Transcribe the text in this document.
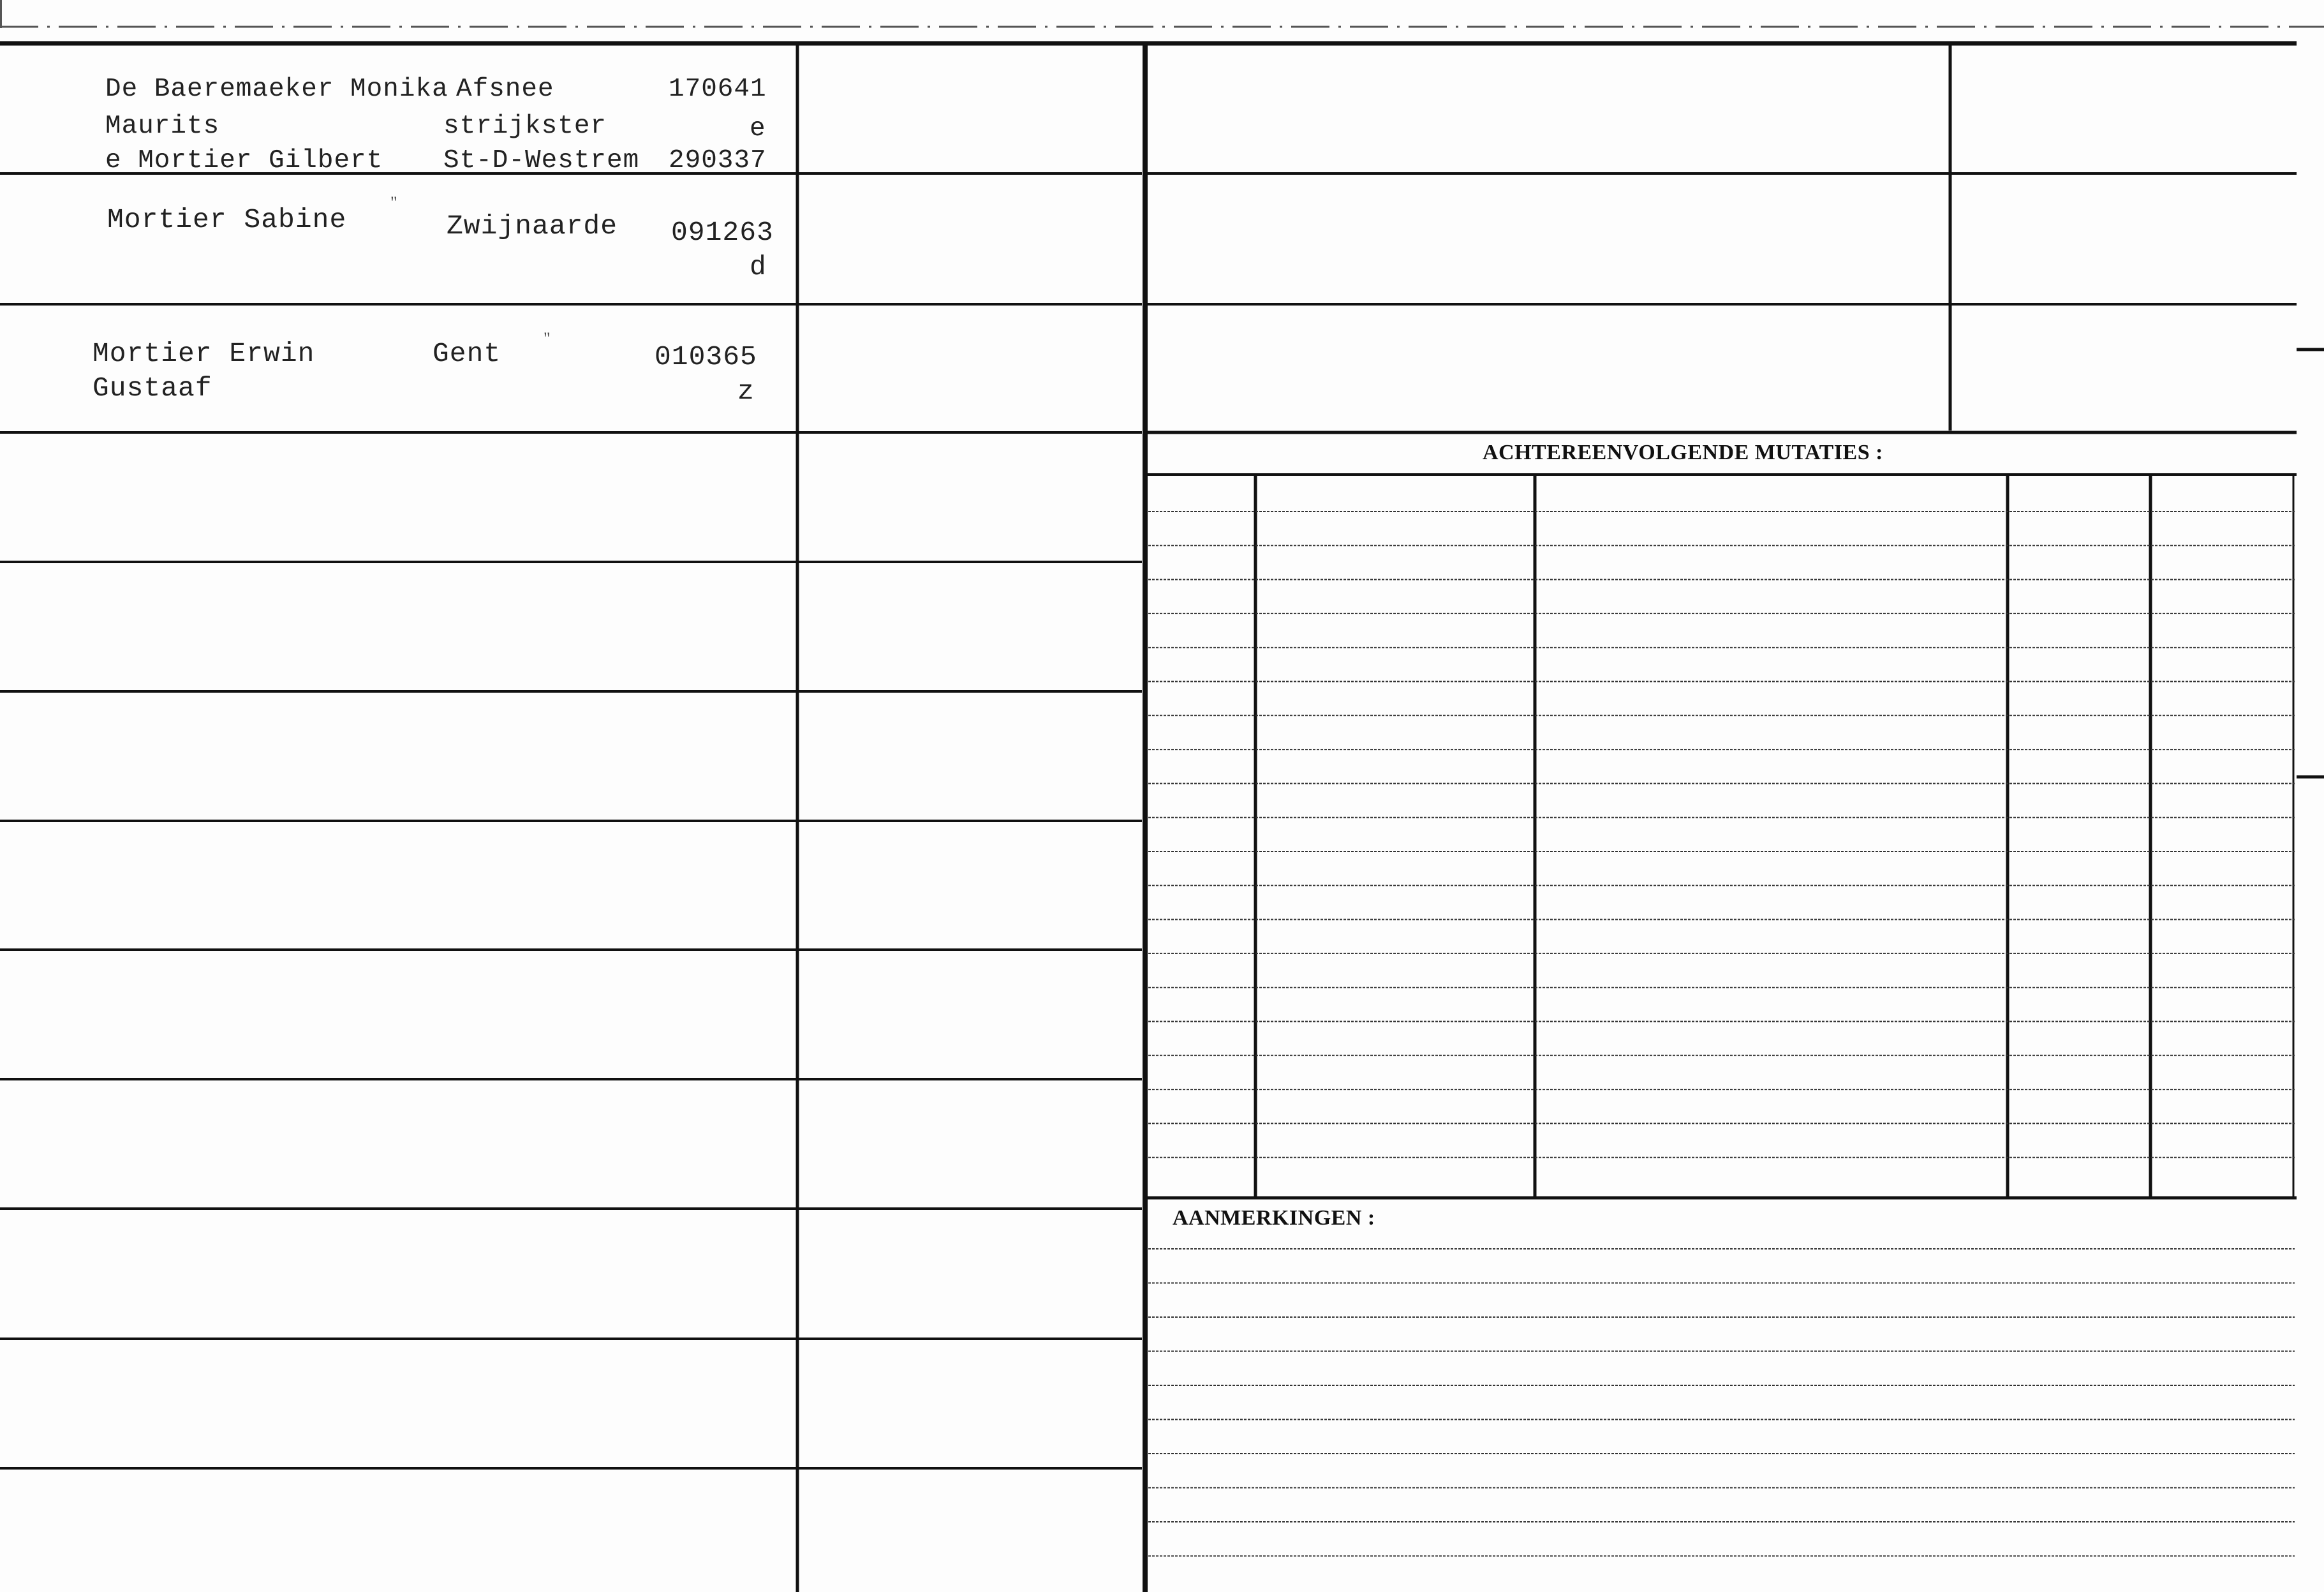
De Baeremaeker Monika
Maurits
e Mortier Gilbert
Afsnee
strijkster
St-D-Westrem
170641
e
290337
Mortier Sabine	Zwijnaarde 091263
d
"
Mortier Erwin
Gustaaf
Gent	010365
z
"
ACHTEREENVOLGENDE MUTATIES :
AANMERKINGEN :
